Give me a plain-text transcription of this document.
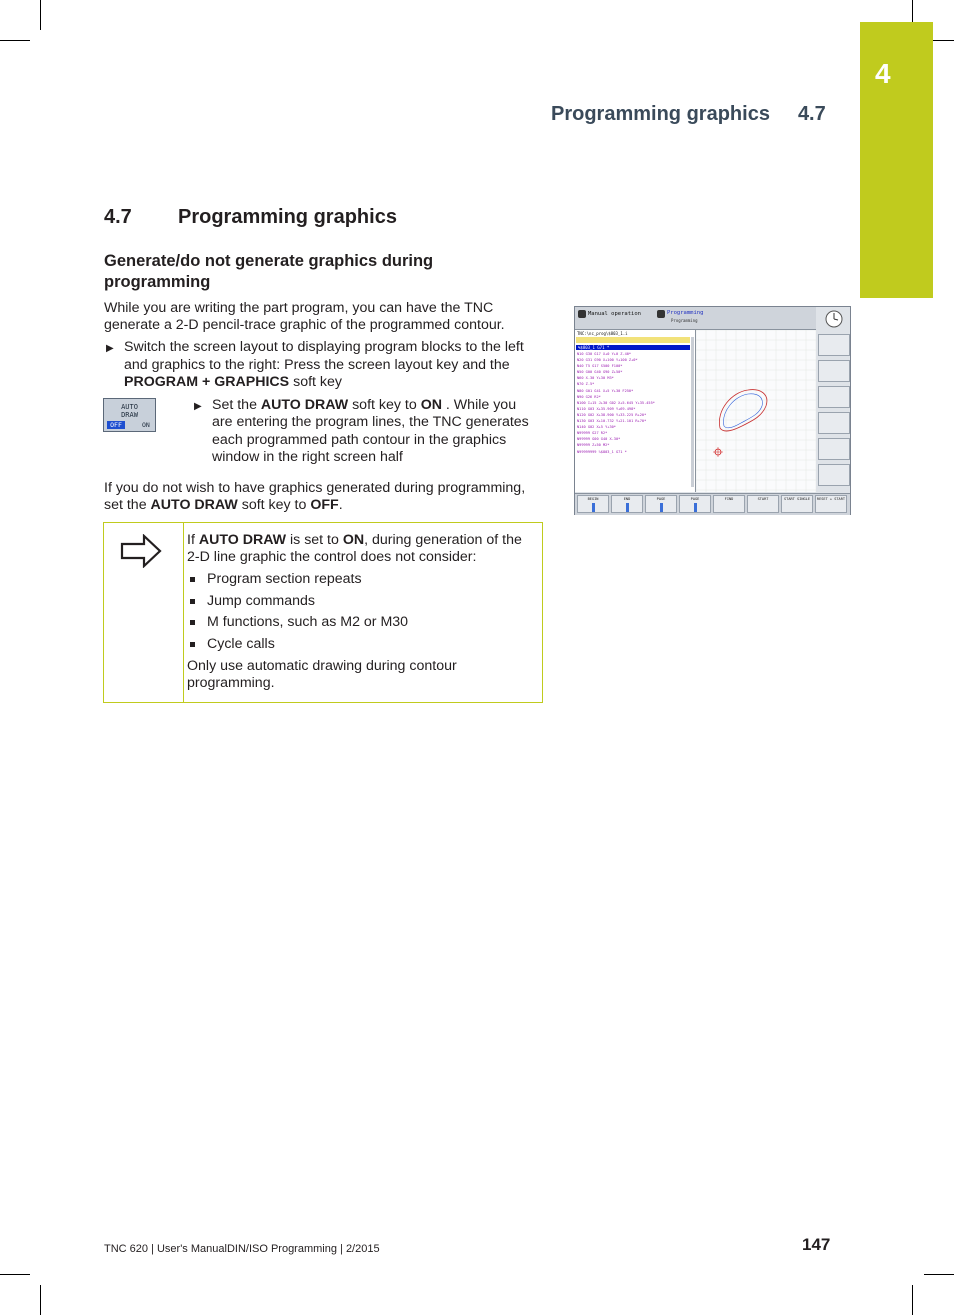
4
Programming graphics 4.7
4.7 Programming graphics
Generate/do not generate graphics during programming
While you are writing the part program, you can have the TNC
generate a 2-D pencil-trace graphic of the programmed contour.
▶ Switch the screen layout to displaying program blocks to the left
and graphics to the right: Press the screen layout key and the
PROGRAM + GRAPHICS soft key
AUTO
DRAW
OFF	ON
▶ Set the AUTO DRAW soft key to ON . While you
are entering the program lines, the TNC generates
each programmed path contour in the graphics
window in the right screen half
If you do not wish to have graphics generated during programming,
set the AUTO DRAW soft key to OFF.
If AUTO DRAW is set to ON, during generation of the
2-D line graphic the control does not consider:
Program section repeats
Jump commands
M functions, such as M2 or M30
Cycle calls
Only use automatic drawing during contour
programming.
Manual operation	Programming
Programming
TNC:\nc_prog\$803_1.i
%$803_1 G71 *
N10 G30 G17 X+0 Y+0 Z-40*
N20 G31 G90 X+100 Y+100 Z+0*
N40 T5 G17 S500 F100*
N50 G00 G40 G90 Z+50*
N60 X-30 Y+30 M3*
N70 Z-5*
N80 G01 G41 X+5 Y+30 F250*
N90 G26 R2*
N100 I+15 J+30 G02 X+5.645 Y+35.455*
N110 G03 X+35.909 Y+69.498*
N120 G02 X+38.900 Y+33.225 R+20*
N130 G03 X+10.732 Y+21.101 R+70*
N140 G02 X+5 Y+30*
N99999 G27 R2*
N99999 G00 G40 X-30*
N99999 Z+50 M2*
N99999999 %$803_1 G71 *
BEGIN	END	PAGE	PAGE	FIND	START	START SINGLE	RESET + START
TNC 620 | User's ManualDIN/ISO Programming | 2/2015	147
